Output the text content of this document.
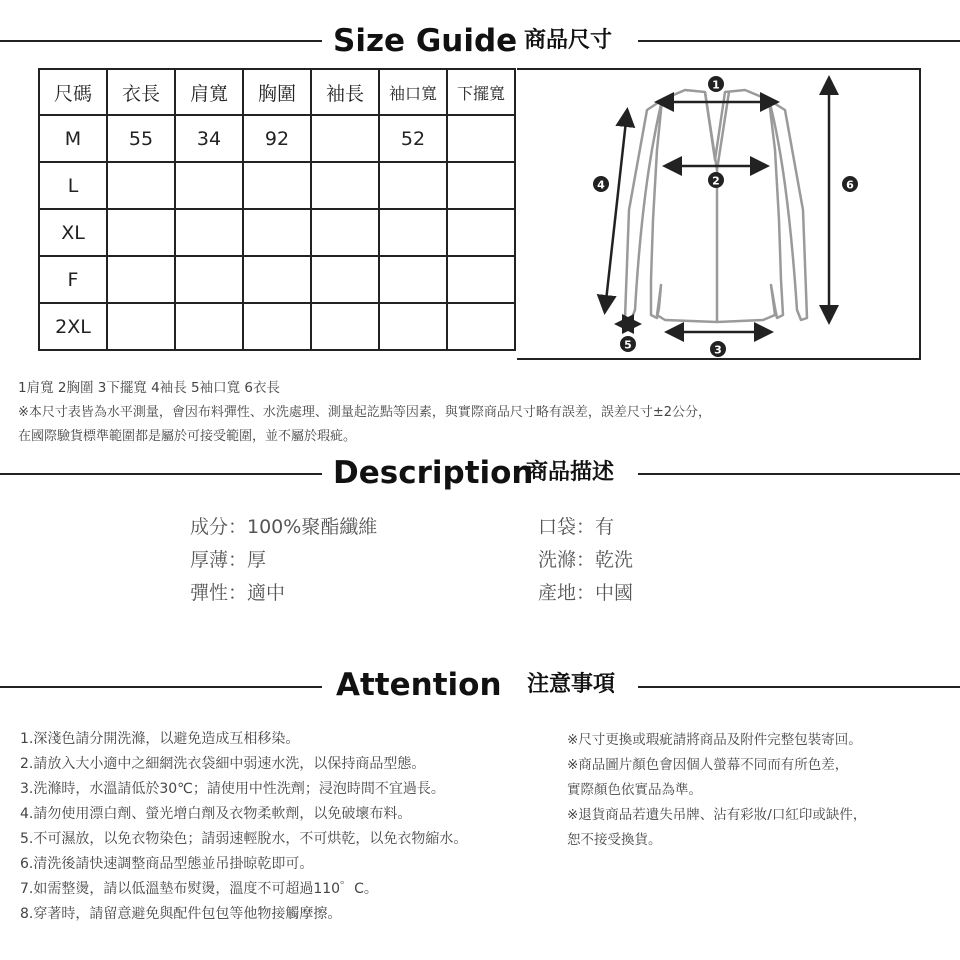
Size Guide 商品尺寸
尺碼	衣長	肩寬	胸圍	袖長	袖口寬	下擺寬
M	55	34	92		52	
L						
XL						
F						
2XL						
1
2
3
4
5
6
1肩寬 2胸圍 3下擺寬 4袖長 5袖口寬 6衣長
※本尺寸表皆為水平測量，會因布料彈性、水洗處理、測量起訖點等因素，與實際商品尺寸略有誤差，誤差尺寸±2公分，
在國際驗貨標準範圍都是屬於可接受範圍，並不屬於瑕疵。
Description
商品描述
成分：100%聚酯纖維
厚薄：厚
彈性：適中
口袋：有
洗滌：乾洗
產地：中國
Attention 注意事項
1.深淺色請分開洗滌，以避免造成互相移染。
2.請放入大小適中之細網洗衣袋細中弱速水洗，以保持商品型態。
3.洗滌時，水溫請低於30℃；請使用中性洗劑；浸泡時間不宜過長。
4.請勿使用漂白劑、螢光增白劑及衣物柔軟劑，以免破壞布料。
5.不可濕放，以免衣物染色；請弱速輕脫水，不可烘乾，以免衣物縮水。
6.清洗後請快速調整商品型態並吊掛晾乾即可。
7.如需整燙，請以低溫墊布熨燙，溫度不可超過110゜C。
8.穿著時，請留意避免與配件包包等他物接觸摩擦。
※尺寸更換或瑕疵請將商品及附件完整包裝寄回。
※商品圖片顏色會因個人螢幕不同而有所色差，
實際顏色依實品為準。
※退貨商品若遺失吊牌、沾有彩妝/口紅印或缺件，
恕不接受換貨。
